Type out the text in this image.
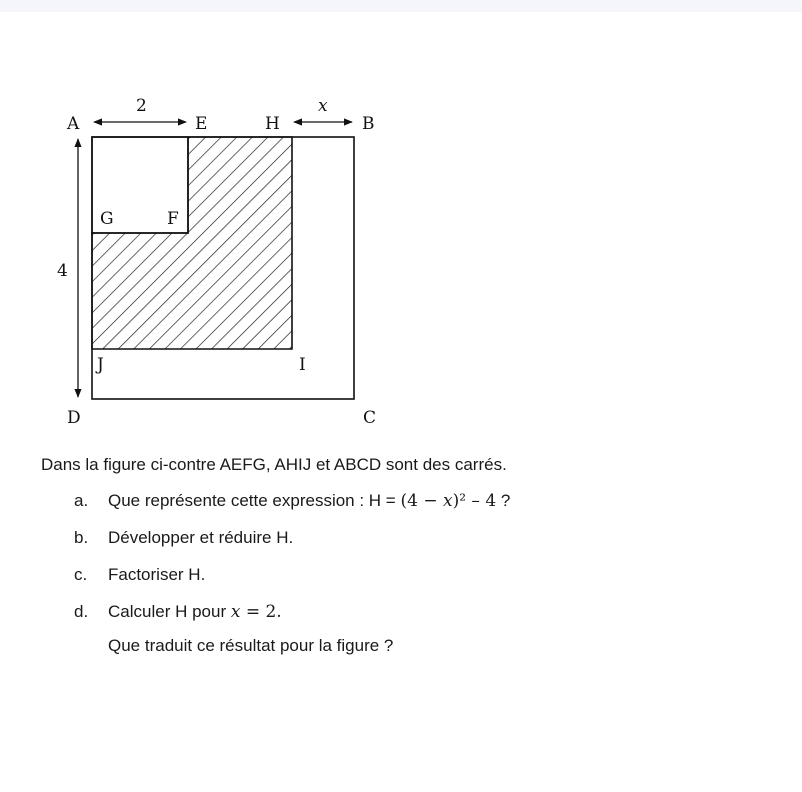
2	x
4
A	E	H	B
G	F
J	I
D	C

Dans la figure ci-contre AEFG, AHIJ et ABCD sont des carrés.

a.	Que représente cette expression : H = (4 − x)² – 4 ?
b.	Développer et réduire H.
c.	Factoriser H.
d.	Calculer H pour x = 2.
Que traduit ce résultat pour la figure ?
